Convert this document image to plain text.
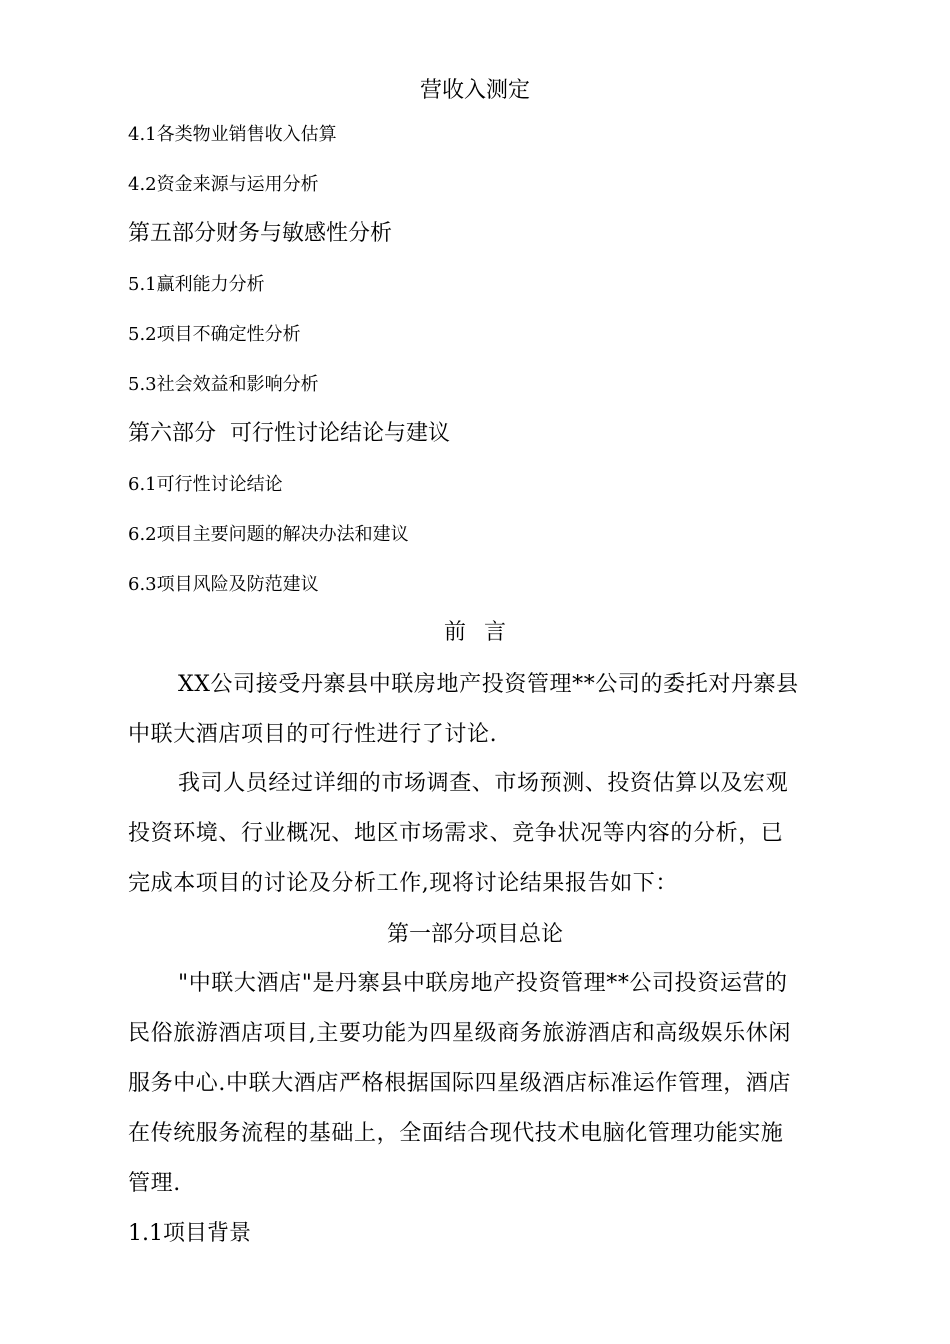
营收入测定
4.1各类物业销售收入估算
4.2资金来源与运用分析
第五部分财务与敏感性分析
5.1赢利能力分析
5.2项目不确定性分析
5.3社会效益和影响分析
第六部分  可行性讨论结论与建议
6.1可行性讨论结论
6.2项目主要问题的解决办法和建议
6.3项目风险及防范建议
前 言
XX公司接受丹寨县中联房地产投资管理**公司的委托对丹寨县
中联大酒店项目的可行性进行了讨论.
我司人员经过详细的市场调查、市场预测、投资估算以及宏观
投资环境、行业概况、地区市场需求、竞争状况等内容的分析，已
完成本项目的讨论及分析工作,现将讨论结果报告如下：
第一部分项目总论
"中联大酒店"是丹寨县中联房地产投资管理**公司投资运营的
民俗旅游酒店项目,主要功能为四星级商务旅游酒店和高级娱乐休闲
服务中心.中联大酒店严格根据国际四星级酒店标准运作管理，酒店
在传统服务流程的基础上，全面结合现代技术电脑化管理功能实施
管理.
1.1项目背景
